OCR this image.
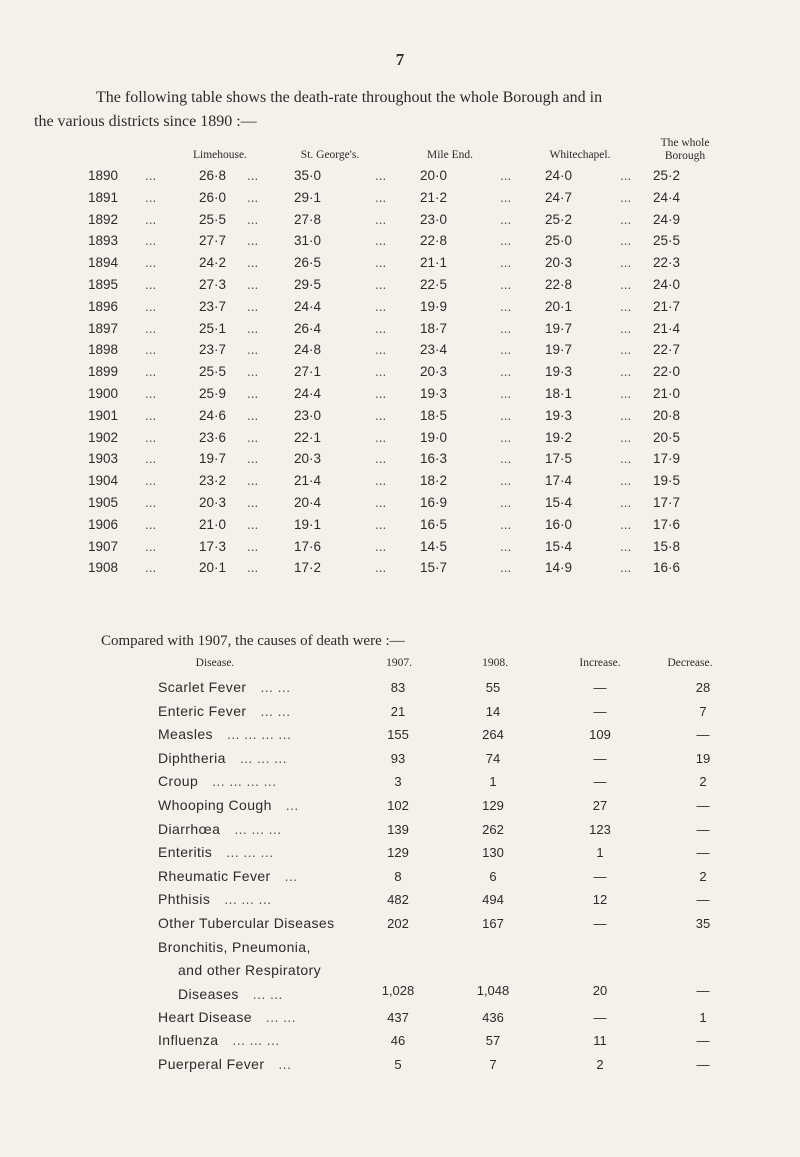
7
The following table shows the death-rate throughout the whole Borough and in
the various districts since 1890 :—
Limehouse.	St. George's.	Mile End.	Whitechapel.
The whole Borough
1890 ...	26·8 ...	35·0	... 20·0	... 24·0	... 25·2
1891 ...	26·0 ...	29·1	... 21·2	... 24·7	... 24·4
1892 ...	25·5 ...	27·8	... 23·0	... 25·2	... 24·9
1893 ...	27·7 ...	31·0	... 22·8	... 25·0	... 25·5
1894 ...	24·2 ...	26·5	... 21·1	... 20·3	... 22·3
1895 ...	27·3 ...	29·5	... 22·5	... 22·8	... 24·0
1896 ...	23·7 ...	24·4	... 19·9	... 20·1	... 21·7
1897 ...	25·1 ...	26·4	... 18·7	... 19·7	... 21·4
1898 ...	23·7 ...	24·8	... 23·4	... 19·7	... 22·7
1899 ...	25·5 ...	27·1	... 20·3	... 19·3	... 22·0
1900 ...	25·9 ...	24·4	... 19·3	... 18·1	... 21·0
1901 ...	24·6 ...	23·0	... 18·5	... 19·3	... 20·8
1902 ...	23·6 ...	22·1	... 19·0	... 19·2	... 20·5
1903 ...	19·7 ...	20·3	... 16·3	... 17·5	... 17·9
1904 ...	23·2 ...	21·4	... 18·2	... 17·4	... 19·5
1905 ...	20·3 ...	20·4	... 16·9	... 15·4	... 17·7
1906 ...	21·0 ...	19·1	... 16·5	... 16·0	... 17·6
1907 ...	17·3 ...	17·6	... 14·5	... 15·4	... 15·8
1908 ...	20·1 ...	17·2	... 15·7	... 14·9	... 16·6
Compared with 1907, the causes of death were :—
Disease.	1907.	1908.	Increase.	Decrease.
Scarlet Fever ... ...	83	55	—	28
Enteric Fever ... ...	21	14	—	7
Measles ... ... ... ...	155	264	109	—
Diphtheria ... ... ...	93	74	—	19
Croup ... ... ... ...	3	1	—	2
Whooping Cough ...	102	129	27	—
Diarrhœa ... ... ...	139	262	123	—
Enteritis ... ... ...	129	130	1	—
Rheumatic Fever ...	8	6	—	2
Phthisis ... ... ...	482	494	12	—
Other Tubercular Diseases	202	167	—	35
Bronchitis, Pneumonia,
and other Respiratory
Diseases ... ...	1,028	1,048	20	—
Heart Disease ... ...	437	436	—	1
Influenza ... ... ...	46	57	11	—
Puerperal Fever ...	5	7	2	—
